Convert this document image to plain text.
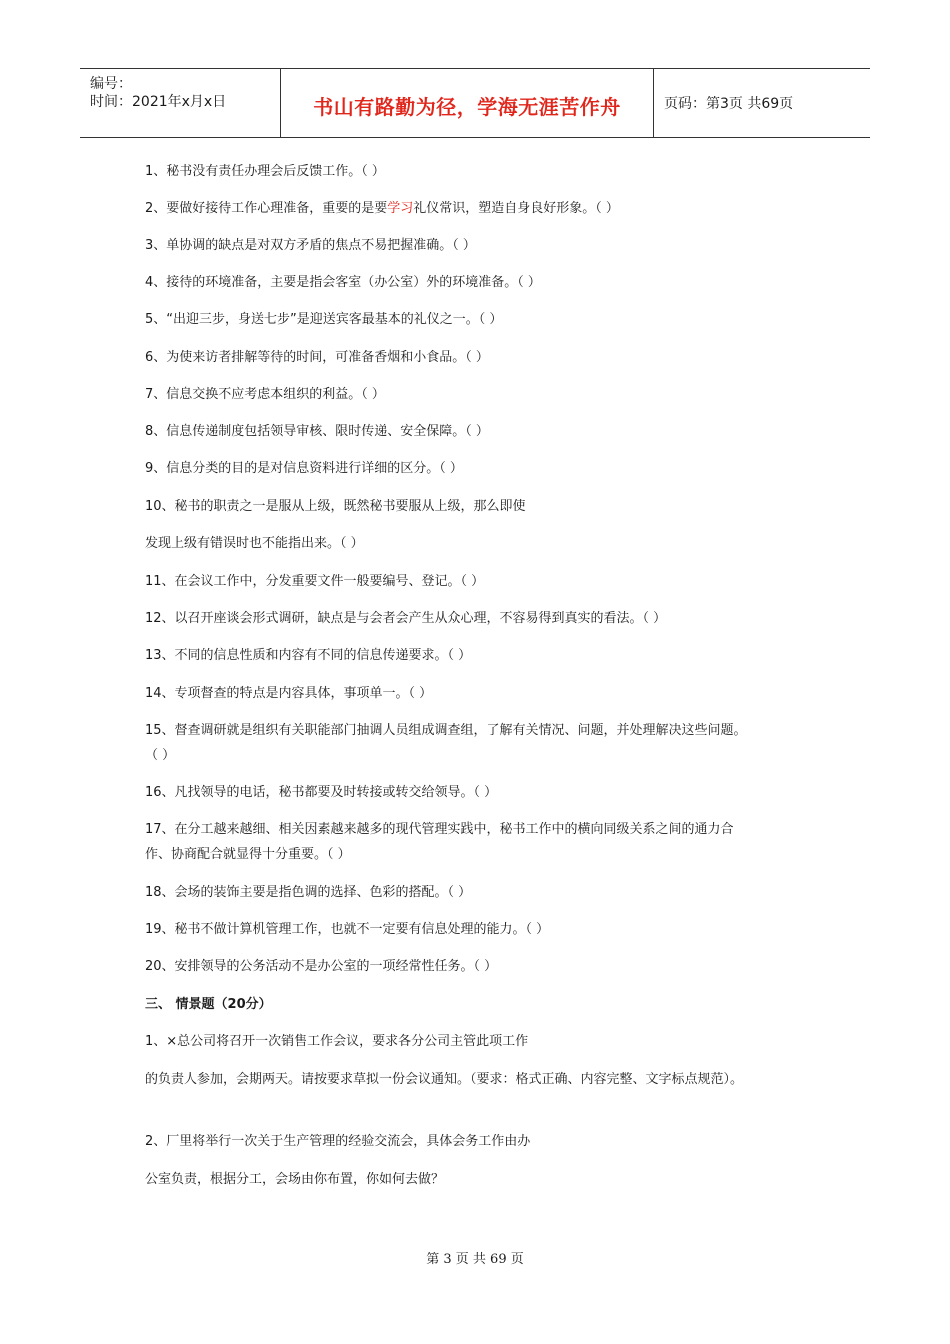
编号：
时间：2021年x月x日	书山有路勤为径，学海无涯苦作舟	页码：第3页 共69页
1、秘书没有责任办理会后反馈工作。（ ）
2、要做好接待工作心理准备，重要的是要学习礼仪常识，塑造自身良好形象。（ ）
3、单协调的缺点是对双方矛盾的焦点不易把握准确。（ ）
4、接待的环境准备，主要是指会客室（办公室）外的环境准备。（ ）
5、“出迎三步，身送七步”是迎送宾客最基本的礼仪之一。（ ）
6、为使来访者排解等待的时间，可准备香烟和小食品。（ ）
7、信息交换不应考虑本组织的利益。（ ）
8、信息传递制度包括领导审核、限时传递、安全保障。（ ）
9、信息分类的目的是对信息资料进行详细的区分。（ ）
10、秘书的职责之一是服从上级，既然秘书要服从上级，那么即使
发现上级有错误时也不能指出来。（ ）
11、在会议工作中，分发重要文件一般要编号、登记。（ ）
12、以召开座谈会形式调研，缺点是与会者会产生从众心理，不容易得到真实的看法。（ ）
13、不同的信息性质和内容有不同的信息传递要求。（ ）
14、专项督查的特点是内容具体，事项单一。（ ）
15、督查调研就是组织有关职能部门抽调人员组成调查组，了解有关情况、问题，并处理解决这些问题。
（ ）
16、凡找领导的电话，秘书都要及时转接或转交给领导。（ ）
17、在分工越来越细、相关因素越来越多的现代管理实践中，秘书工作中的横向同级关系之间的通力合
作、协商配合就显得十分重要。（ ）
18、会场的装饰主要是指色调的选择、色彩的搭配。（ ）
19、秘书不做计算机管理工作，也就不一定要有信息处理的能力。（ ）
20、安排领导的公务活动不是办公室的一项经常性任务。（ ）
三、 情景题（20分）
1、×总公司将召开一次销售工作会议，要求各分公司主管此项工作
的负责人参加，会期两天。请按要求草拟一份会议通知。（要求：格式正确、内容完整、文字标点规范）。
2、厂里将举行一次关于生产管理的经验交流会，具体会务工作由办
公室负责，根据分工，会场由你布置，你如何去做？
第 3 页 共 69 页
